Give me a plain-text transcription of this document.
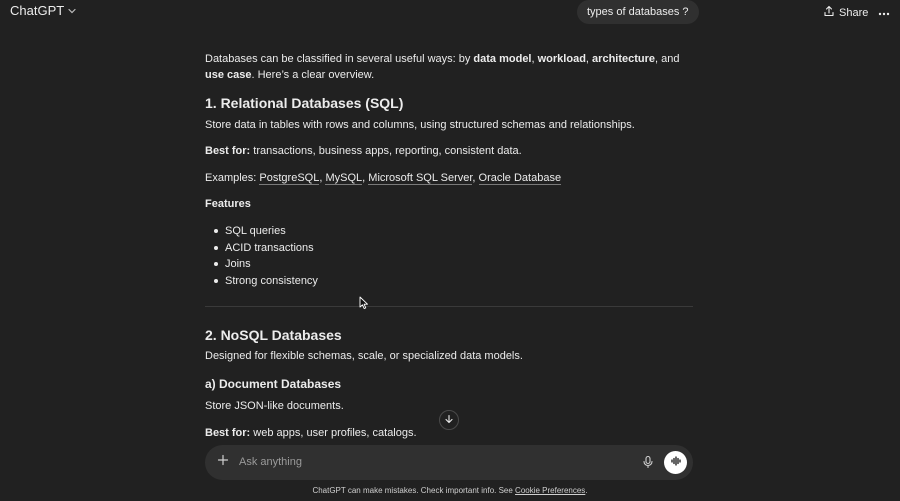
ChatGPT	types of databases ?	Share
Databases can be classified in several useful ways: by data model, workload, architecture, and use case. Here’s a clear overview.
1. Relational Databases (SQL)
Store data in tables with rows and columns, using structured schemas and relationships.
Best for: transactions, business apps, reporting, consistent data.
Examples: PostgreSQL, MySQL, Microsoft SQL Server, Oracle Database
Features
SQL queries
ACID transactions
Joins
Strong consistency
2. NoSQL Databases
Designed for flexible schemas, scale, or specialized data models.
a) Document Databases
Store JSON-like documents.
Best for: web apps, user profiles, catalogs.
Ask anything
ChatGPT can make mistakes. Check important info. See Cookie Preferences.
